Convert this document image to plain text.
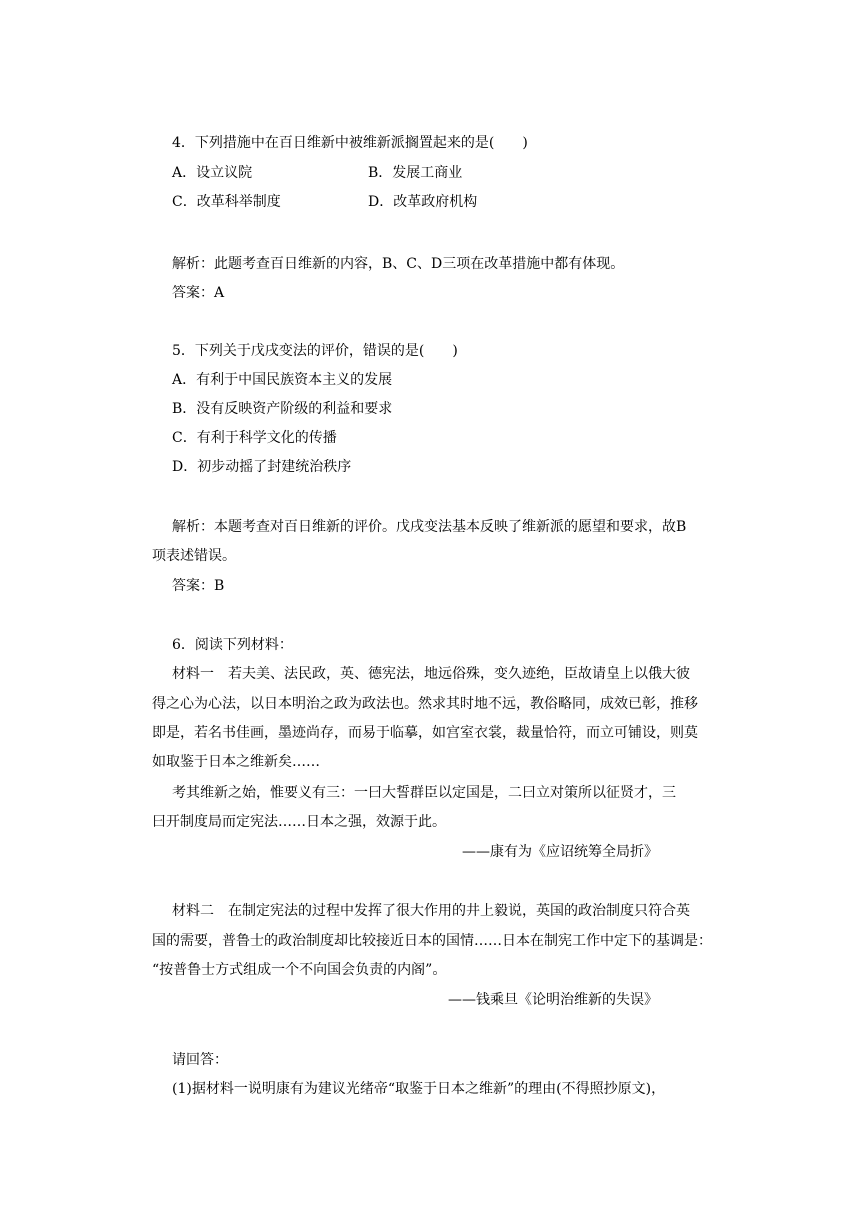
4．下列措施中在百日维新中被维新派搁置起来的是(　　)
A．设立议院	B．发展工商业
C．改革科举制度	D．改革政府机构
解析：此题考查百日维新的内容，B、C、D三项在改革措施中都有体现。
答案：A
5．下列关于戊戌变法的评价，错误的是(　　)
A．有利于中国民族资本主义的发展
B．没有反映资产阶级的利益和要求
C．有利于科学文化的传播
D．初步动摇了封建统治秩序
解析：本题考查对百日维新的评价。戊戌变法基本反映了维新派的愿望和要求，故B
项表述错误。
答案：B
6．阅读下列材料：
材料一　若夫美、法民政，英、德宪法，地远俗殊，变久迹绝，臣故请皇上以俄大彼
得之心为心法，以日本明治之政为政法也。然求其时地不远，教俗略同，成效已彰，推移
即是，若名书佳画，墨迹尚存，而易于临摹，如宫室衣裳，裁量恰符，而立可铺设，则莫
如取鉴于日本之维新矣……
考其维新之始，惟要义有三：一曰大誓群臣以定国是，二曰立对策所以征贤才，三
曰开制度局而定宪法……日本之强，效源于此。
——康有为《应诏统筹全局折》
材料二　在制定宪法的过程中发挥了很大作用的井上毅说，英国的政治制度只符合英
国的需要，普鲁士的政治制度却比较接近日本的国情……日本在制宪工作中定下的基调是：
“按普鲁士方式组成一个不向国会负责的内阁”。
——钱乘旦《论明治维新的失误》
请回答：
(1)据材料一说明康有为建议光绪帝“取鉴于日本之维新”的理由(不得照抄原文)，
